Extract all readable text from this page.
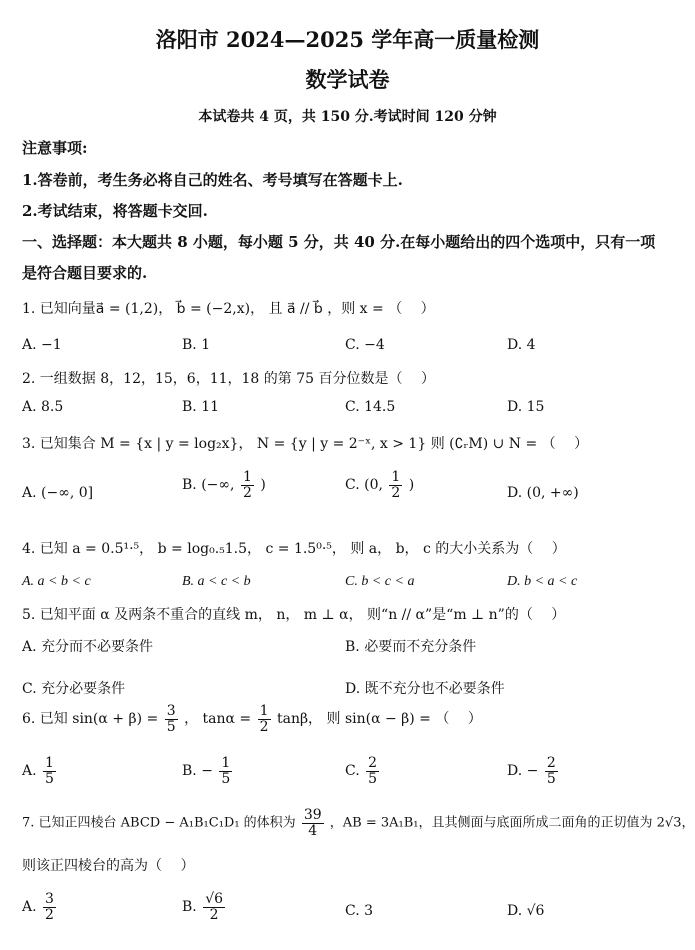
洛阳市 2024—2025 学年高一质量检测
数学试卷
本试卷共 4 页，共 150 分.考试时间 120 分钟
注意事项:
1.答卷前，考生务必将自己的姓名、考号填写在答题卡上.
2.考试结束，将答题卡交回.
一、选择题：本大题共 8 小题，每小题 5 分，共 40 分.在每小题给出的四个选项中，只有一项
是符合题目要求的.
1. 已知向量a⃗ = (1,2)， b⃗ = (−2,x)， 且 a⃗ // b⃗ ，则 x = （　 ）
A. −1	B. 1	C. −4	D. 4
2. 一组数据 8，12，15，6，11，18 的第 75 百分位数是（　 ）
A. 8.5	B. 11	C. 14.5	D. 15
3. 已知集合 M = {x | y = log₂x}， N = {y | y = 2⁻ˣ, x > 1} 则 (∁ᵣM) ∪ N = （　 ）
A. (−∞, 0]	B. (−∞, $\frac{1}{2}$ )	C. (0, $\frac{1}{2}$ )	D. (0, +∞)
4. 已知 a = 0.5¹·⁵， b = log₀.₅1.5， c = 1.5⁰·⁵， 则 a， b， c 的大小关系为（　 ）
A. a < b < c	B. a < c < b	C. b < c < a	D. b < a < c
5. 已知平面 α 及两条不重合的直线 m， n， m ⊥ α， 则“n // α”是“m ⊥ n”的（　 ）
A. 充分而不必要条件	B. 必要而不充分条件
C. 充分必要条件	D. 既不充分也不必要条件
6. 已知 $\sin(\alpha + \beta) = \frac{3}{5}$ ， $\tan\alpha = \frac{1}{2}$ tanβ， 则 sin(α − β) = （　 ）
A. $\frac{1}{5}$	B. − $\frac{1}{5}$	C. $\frac{2}{5}$	D. − $\frac{2}{5}$
7. 已知正四棱台 ABCD − A₁B₁C₁D₁ 的体积为 $\frac{39}{4}$ ，AB = 3A₁B₁，且其侧面与底面所成二面角的正切值为 2√3，
则该正四棱台的高为（　 ）
A. $\frac{3}{2}$	B. $\frac{√6}{2}$	C. 3	D. √6
